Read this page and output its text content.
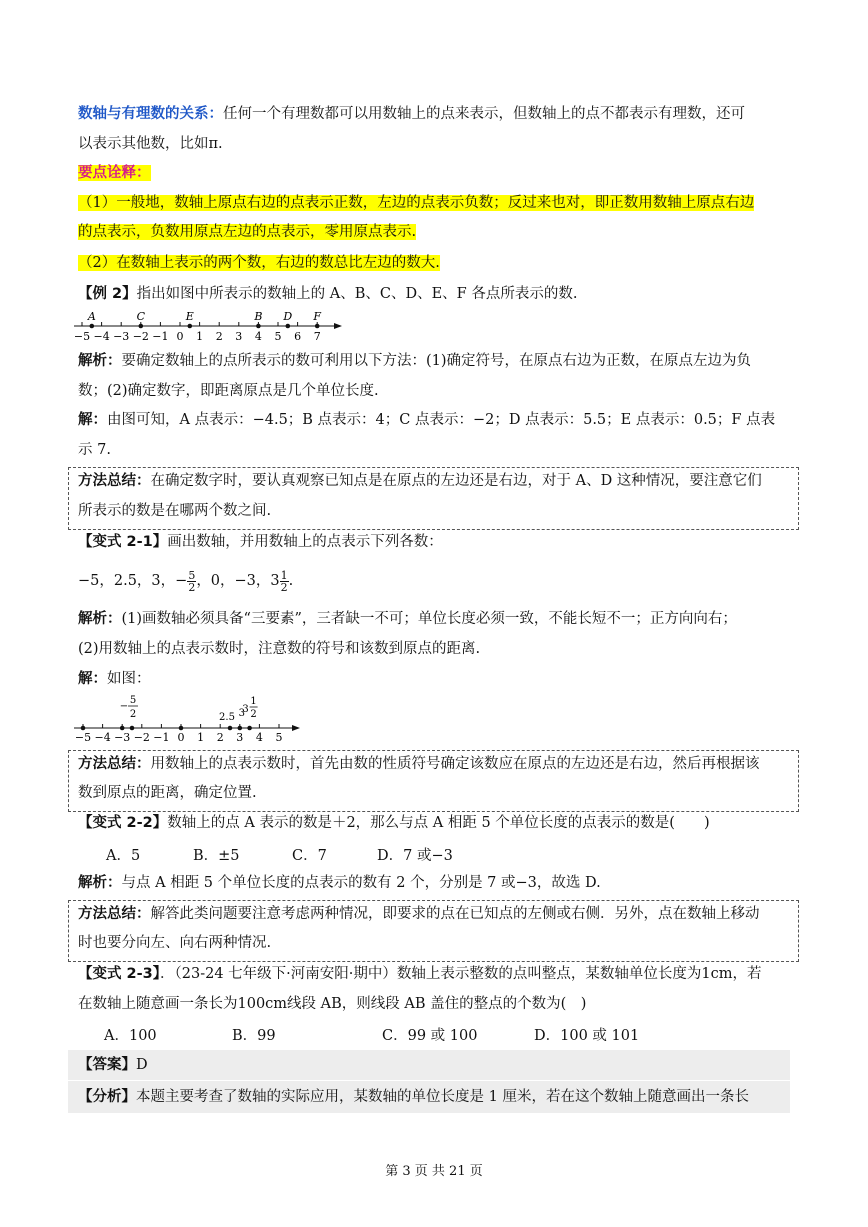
数轴与有理数的关系：任何一个有理数都可以用数轴上的点来表示，但数轴上的点不都表示有理数，还可
以表示其他数，比如π.
要点诠释：
（1）一般地，数轴上原点右边的点表示正数，左边的点表示负数；反过来也对，即正数用数轴上原点右边
的点表示，负数用原点左边的点表示，零用原点表示.
（2）在数轴上表示的两个数，右边的数总比左边的数大.
【例 2】指出如图中所表示的数轴上的 A、B、C、D、E、F 各点所表示的数.
−5 −4 −3 −2 −1 0 1 2 3 4 5 6 7
A	C	E	B D F
解析：要确定数轴上的点所表示的数可利用以下方法：(1)确定符号，在原点右边为正数，在原点左边为负
数；(2)确定数字，即距离原点是几个单位长度.
解：由图可知，A 点表示：−4.5；B 点表示：4；C 点表示：−2；D 点表示：5.5；E 点表示：0.5；F 点表
示 7.
方法总结：在确定数字时，要认真观察已知点是在原点的左边还是右边，对于 A、D 这种情况，要注意它们
所表示的数是在哪两个数之间.
【变式 2-1】画出数轴，并用数轴上的点表示下列各数：
−5，2.5，3，− $\frac{5}{2}$ ，0，−3，$3 \frac{1}{2}$ .
解析：(1)画数轴必须具备“三要素”，三者缺一不可；单位长度必须一致，不能长短不一；正方向向右；
(2)用数轴上的点表示数时，注意数的符号和该数到原点的距离.
解：如图：
−5 −4 −3 −2 −1 0 1 2 3 4 5
−
5
2	2.5 3
3
1
2
方法总结：用数轴上的点表示数时，首先由数的性质符号确定该数应在原点的左边还是右边，然后再根据该
数到原点的距离，确定位置.
【变式 2-2】数轴上的点 A 表示的数是＋2，那么与点 A 相距 5 个单位长度的点表示的数是(　　)
A．5	B．±5	C．7	D．7 或−3
解析：与点 A 相距 5 个单位长度的点表示的数有 2 个，分别是 7 或−3，故选 D.
方法总结：解答此类问题要注意考虑两种情况，即要求的点在已知点的左侧或右侧．另外，点在数轴上移动
时也要分向左、向右两种情况.
【变式 2-3】．（23-24 七年级下·河南安阳·期中）数轴上表示整数的点叫整点，某数轴单位长度为1cm，若
在数轴上随意画一条长为100cm线段 AB，则线段 AB 盖住的整点的个数为(　)
A．100	B．99	C．99 或 100	D．100 或 101
【答案】D
【分析】本题主要考查了数轴的实际应用，某数轴的单位长度是 1 厘米，若在这个数轴上随意画出一条长
第 3 页 共 21 页
